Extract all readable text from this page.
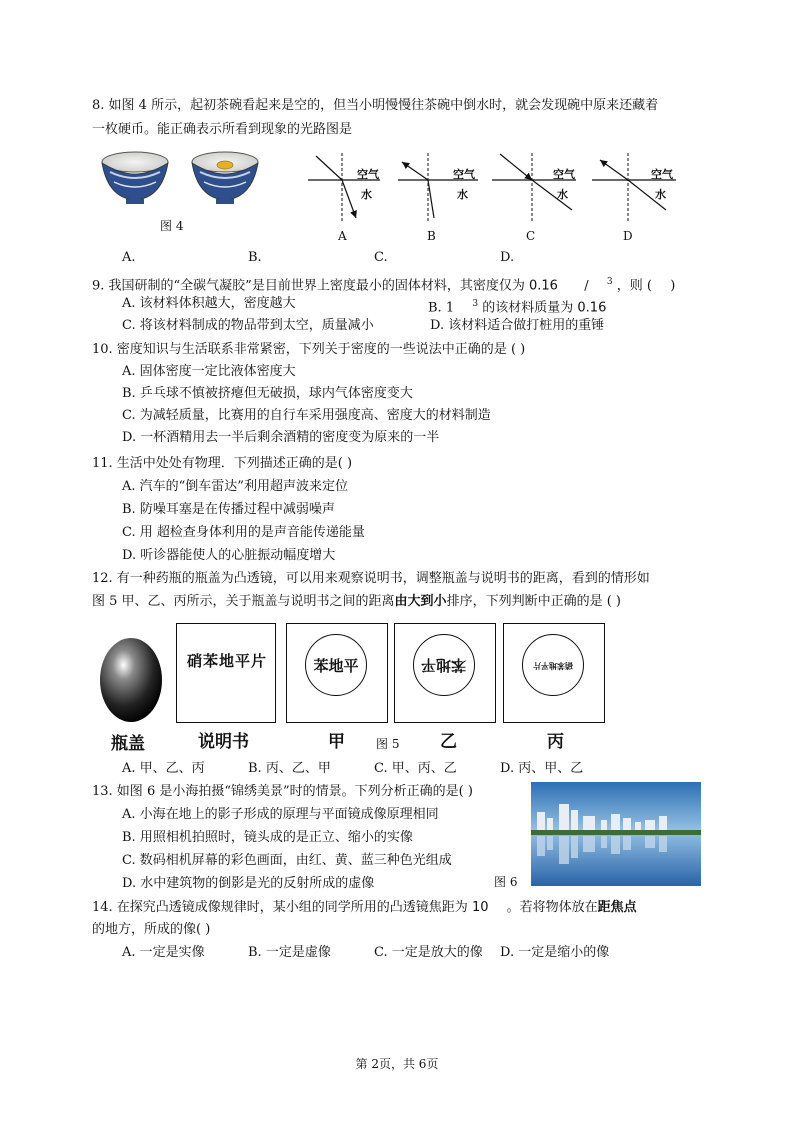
8. 如图 4 所示，起初茶碗看起来是空的，但当小明慢慢往茶碗中倒水时，就会发现碗中原来还藏着
一枚硬币。能正确表示所看到现象的光路图是
图 4
空气
水
空气
水
空气
水
空气
水
A	B	C	D
A.	B.	C.	D.
9. 我国研制的“全碳气凝胶”是目前世界上密度最小的固体材料，其密度仅为 0.16 / $^3$ ，则 ( )
A. 该材料体积越大，密度越大	B. 1 $^3$ 的该材料质量为 0.16
C. 将该材料制成的物品带到太空，质量减小	D. 该材料适合做打桩用的重锤
10. 密度知识与生活联系非常紧密，下列关于密度的一些说法中正确的是 ( )
A. 固体密度一定比液体密度大
B. 乒乓球不慎被挤瘪但无破损，球内气体密度变大
C. 为减轻质量，比赛用的自行车采用强度高、密度大的材料制造
D. 一杯酒精用去一半后剩余酒精的密度变为原来的一半
11. 生活中处处有物理．下列描述正确的是( )
A. 汽车的“倒车雷达”利用超声波来定位
B. 防噪耳塞是在传播过程中减弱噪声
C. 用 超检查身体利用的是声音能传递能量
D. 听诊器能使人的心脏振动幅度增大
12. 有一种药瓶的瓶盖为凸透镜，可以用来观察说明书，调整瓶盖与说明书的距离，看到的情形如
图 5 甲、乙、丙所示，关于瓶盖与说明书之间的距离由大到小排序，下列判断中正确的是 ( )
硝苯地平片	苯地平	苯地平	硝苯地平片
瓶盖	说明书	甲	图 5 乙	丙
A. 甲、乙、丙	B. 丙、乙、甲	C. 甲、丙、乙	D. 丙、甲、乙
13. 如图 6 是小海拍摄“锦绣美景”时的情景。下列分析正确的是( )
A. 小海在地上的影子形成的原理与平面镜成像原理相同
B. 用照相机拍照时，镜头成的是正立、缩小的实像
C. 数码相机屏幕的彩色画面，由红、黄、蓝三种色光组成
D. 水中建筑物的倒影是光的反射所成的虚像	图 6
14. 在探究凸透镜成像规律时，某小组的同学所用的凸透镜焦距为 10 。若将物体放在距焦点
的地方，所成的像( )
A. 一定是实像	B. 一定是虚像	C. 一定是放大的像 D. 一定是缩小的像
第 2页，共 6页
